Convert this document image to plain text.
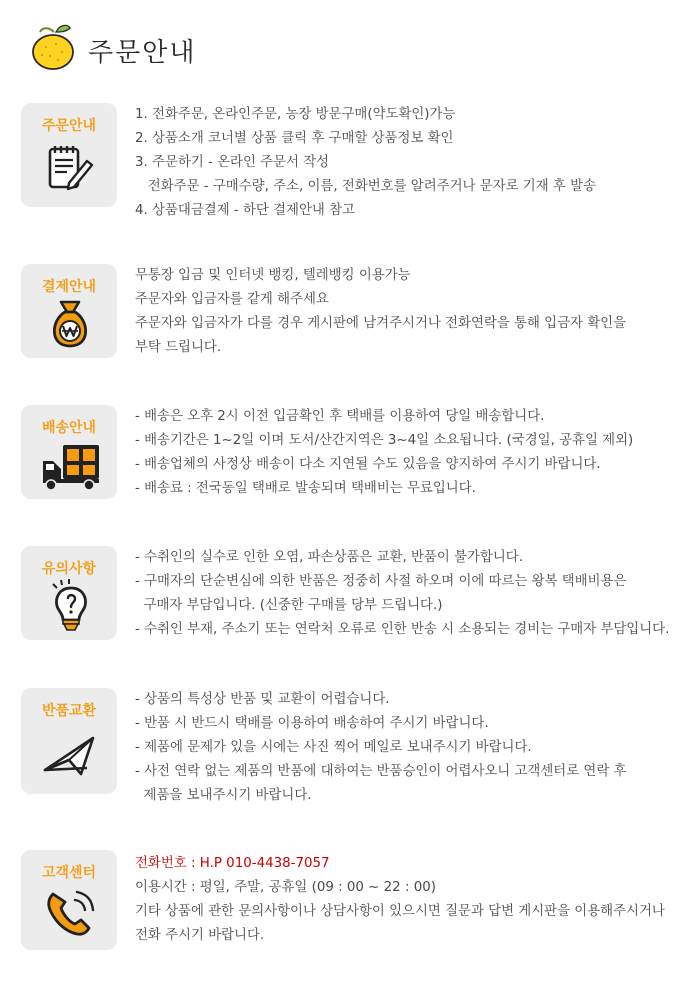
주문안내
주문안내
1. 전화주문, 온라인주문, 농장 방문구매(약도확인)가능
2. 상품소개 코너별 상품 클릭 후 구매할 상품정보 확인
3. 주문하기 - 온라인 주문서 작성
전화주문 - 구매수량, 주소, 이름, 전화번호를 알려주거나 문자로 기재 후 발송
4. 상품대금결제 - 하단 결제안내 참고
결제안내
무통장 입금 및 인터넷 뱅킹, 텔레뱅킹 이용가능
주문자와 입금자를 같게 해주세요
주문자와 입금자가 다를 경우 게시판에 남겨주시거나 전화연락을 통해 입금자 확인을
부탁 드립니다.
배송안내
- 배송은 오후 2시 이전 입금확인 후 택배를 이용하여 당일 배송합니다.
- 배송기간은 1~2일 이며 도서/산간지역은 3~4일 소요됩니다. (국경일, 공휴일 제외)
- 배송업체의 사정상 배송이 다소 지연될 수도 있음을 양지하여 주시기 바랍니다.
- 배송료 : 전국동일 택배로 발송되며 택배비는 무료입니다.
유의사항
- 수취인의 실수로 인한 오염, 파손상품은 교환, 반품이 불가합니다.
- 구매자의 단순변심에 의한 반품은 정중히 사절 하오며 이에 따르는 왕복 택배비용은
구매자 부담입니다. (신중한 구매를 당부 드립니다.)
- 수취인 부재, 주소기 또는 연락처 오류로 인한 반송 시 소용되는 경비는 구매자 부담입니다.
반품교환
- 상품의 특성상 반품 및 교환이 어렵습니다.
- 반품 시 반드시 택배를 이용하여 배송하여 주시기 바랍니다.
- 제품에 문제가 있을 시에는 사진 찍어 메일로 보내주시기 바랍니다.
- 사전 연락 없는 제품의 반품에 대하여는 반품승인이 어렵사오니 고객센터로 연락 후
제품을 보내주시기 바랍니다.
고객센터
전화번호 : H.P 010-4438-7057
이용시간 : 평일, 주말, 공휴일 (09 : 00 ~ 22 : 00)
기타 상품에 관한 문의사항이나 상담사항이 있으시면 질문과 답변 게시판을 이용해주시거나
전화 주시기 바랍니다.
